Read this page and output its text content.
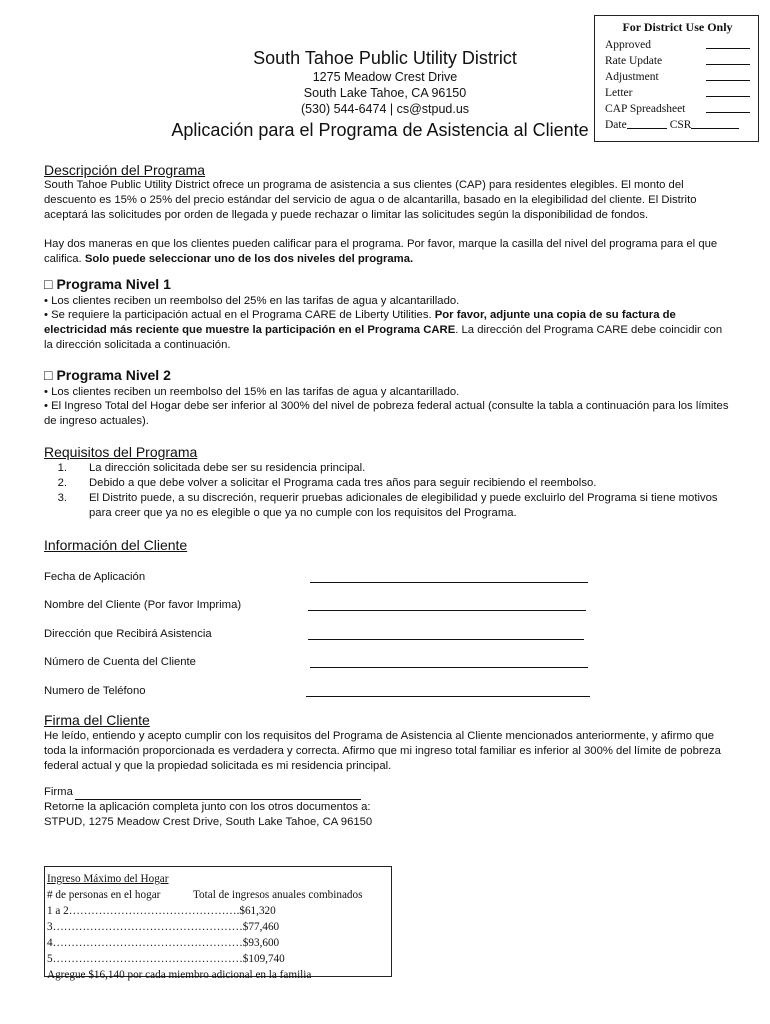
For District Use Only
Approved
Rate Update
Adjustment
Letter
CAP Spreadsheet
Date	CSR
South Tahoe Public Utility District
1275 Meadow Crest Drive
South Lake Tahoe, CA 96150
(530) 544-6474 | cs@stpud.us
Aplicación para el Programa de Asistencia al Cliente
Descripción del Programa
South Tahoe Public Utility District ofrece un programa de asistencia a sus clientes (CAP) para residentes elegibles. El monto del descuento es 15% o 25% del precio estándar del servicio de agua o de alcantarilla, basado en la elegibilidad del cliente. El Distrito aceptará las solicitudes por orden de llegada y puede rechazar o limitar las solicitudes según la disponibilidad de fondos.
Hay dos maneras en que los clientes pueden calificar para el programa. Por favor, marque la casilla del nivel del programa para el que califica. Solo puede seleccionar uno de los dos niveles del programa.
□ Programa Nivel 1
• Los clientes reciben un reembolso del 25% en las tarifas de agua y alcantarillado.
• Se requiere la participación actual en el Programa CARE de Liberty Utilities. Por favor, adjunte una copia de su factura de electricidad más reciente que muestre la participación en el Programa CARE. La dirección del Programa CARE debe coincidir con la dirección solicitada a continuación.
□ Programa Nivel 2
• Los clientes reciben un reembolso del 15% en las tarifas de agua y alcantarillado.
• El Ingreso Total del Hogar debe ser inferior al 300% del nivel de pobreza federal actual (consulte la tabla a continuación para los límites de ingreso actuales).
Requisitos del Programa
1.	La dirección solicitada debe ser su residencia principal.
2.	Debido a que debe volver a solicitar el Programa cada tres años para seguir recibiendo el reembolso.
3.	El Distrito puede, a su discreción, requerir pruebas adicionales de elegibilidad y puede excluirlo del Programa si tiene motivos para creer que ya no es elegible o que ya no cumple con los requisitos del Programa.
Información del Cliente
Fecha de Aplicación
Nombre del Cliente (Por favor Imprima)
Dirección que Recibirá Asistencia
Número de Cuenta del Cliente
Numero de Teléfono
Firma del Cliente
He leído, entiendo y acepto cumplir con los requisitos del Programa de Asistencia al Cliente mencionados anteriormente, y afirmo que toda la información proporcionada es verdadera y correcta. Afirmo que mi ingreso total familiar es inferior al 300% del límite de pobreza federal actual y que la propiedad solicitada es mi residencia principal.
Firma
Retorne la aplicación completa junto con los otros documentos a:
STPUD, 1275 Meadow Crest Drive, South Lake Tahoe, CA 96150
Ingreso Máximo del Hogar
# de personas en el hogar	Total de ingresos anuales combinados
1 a 2 ………………………………………. $61,320
3 …………………………………………… $77,460
4 …………………………………………… $93,600
5 …………………………………………… $109,740
Agregue $16,140 por cada miembro adicional en la familia
